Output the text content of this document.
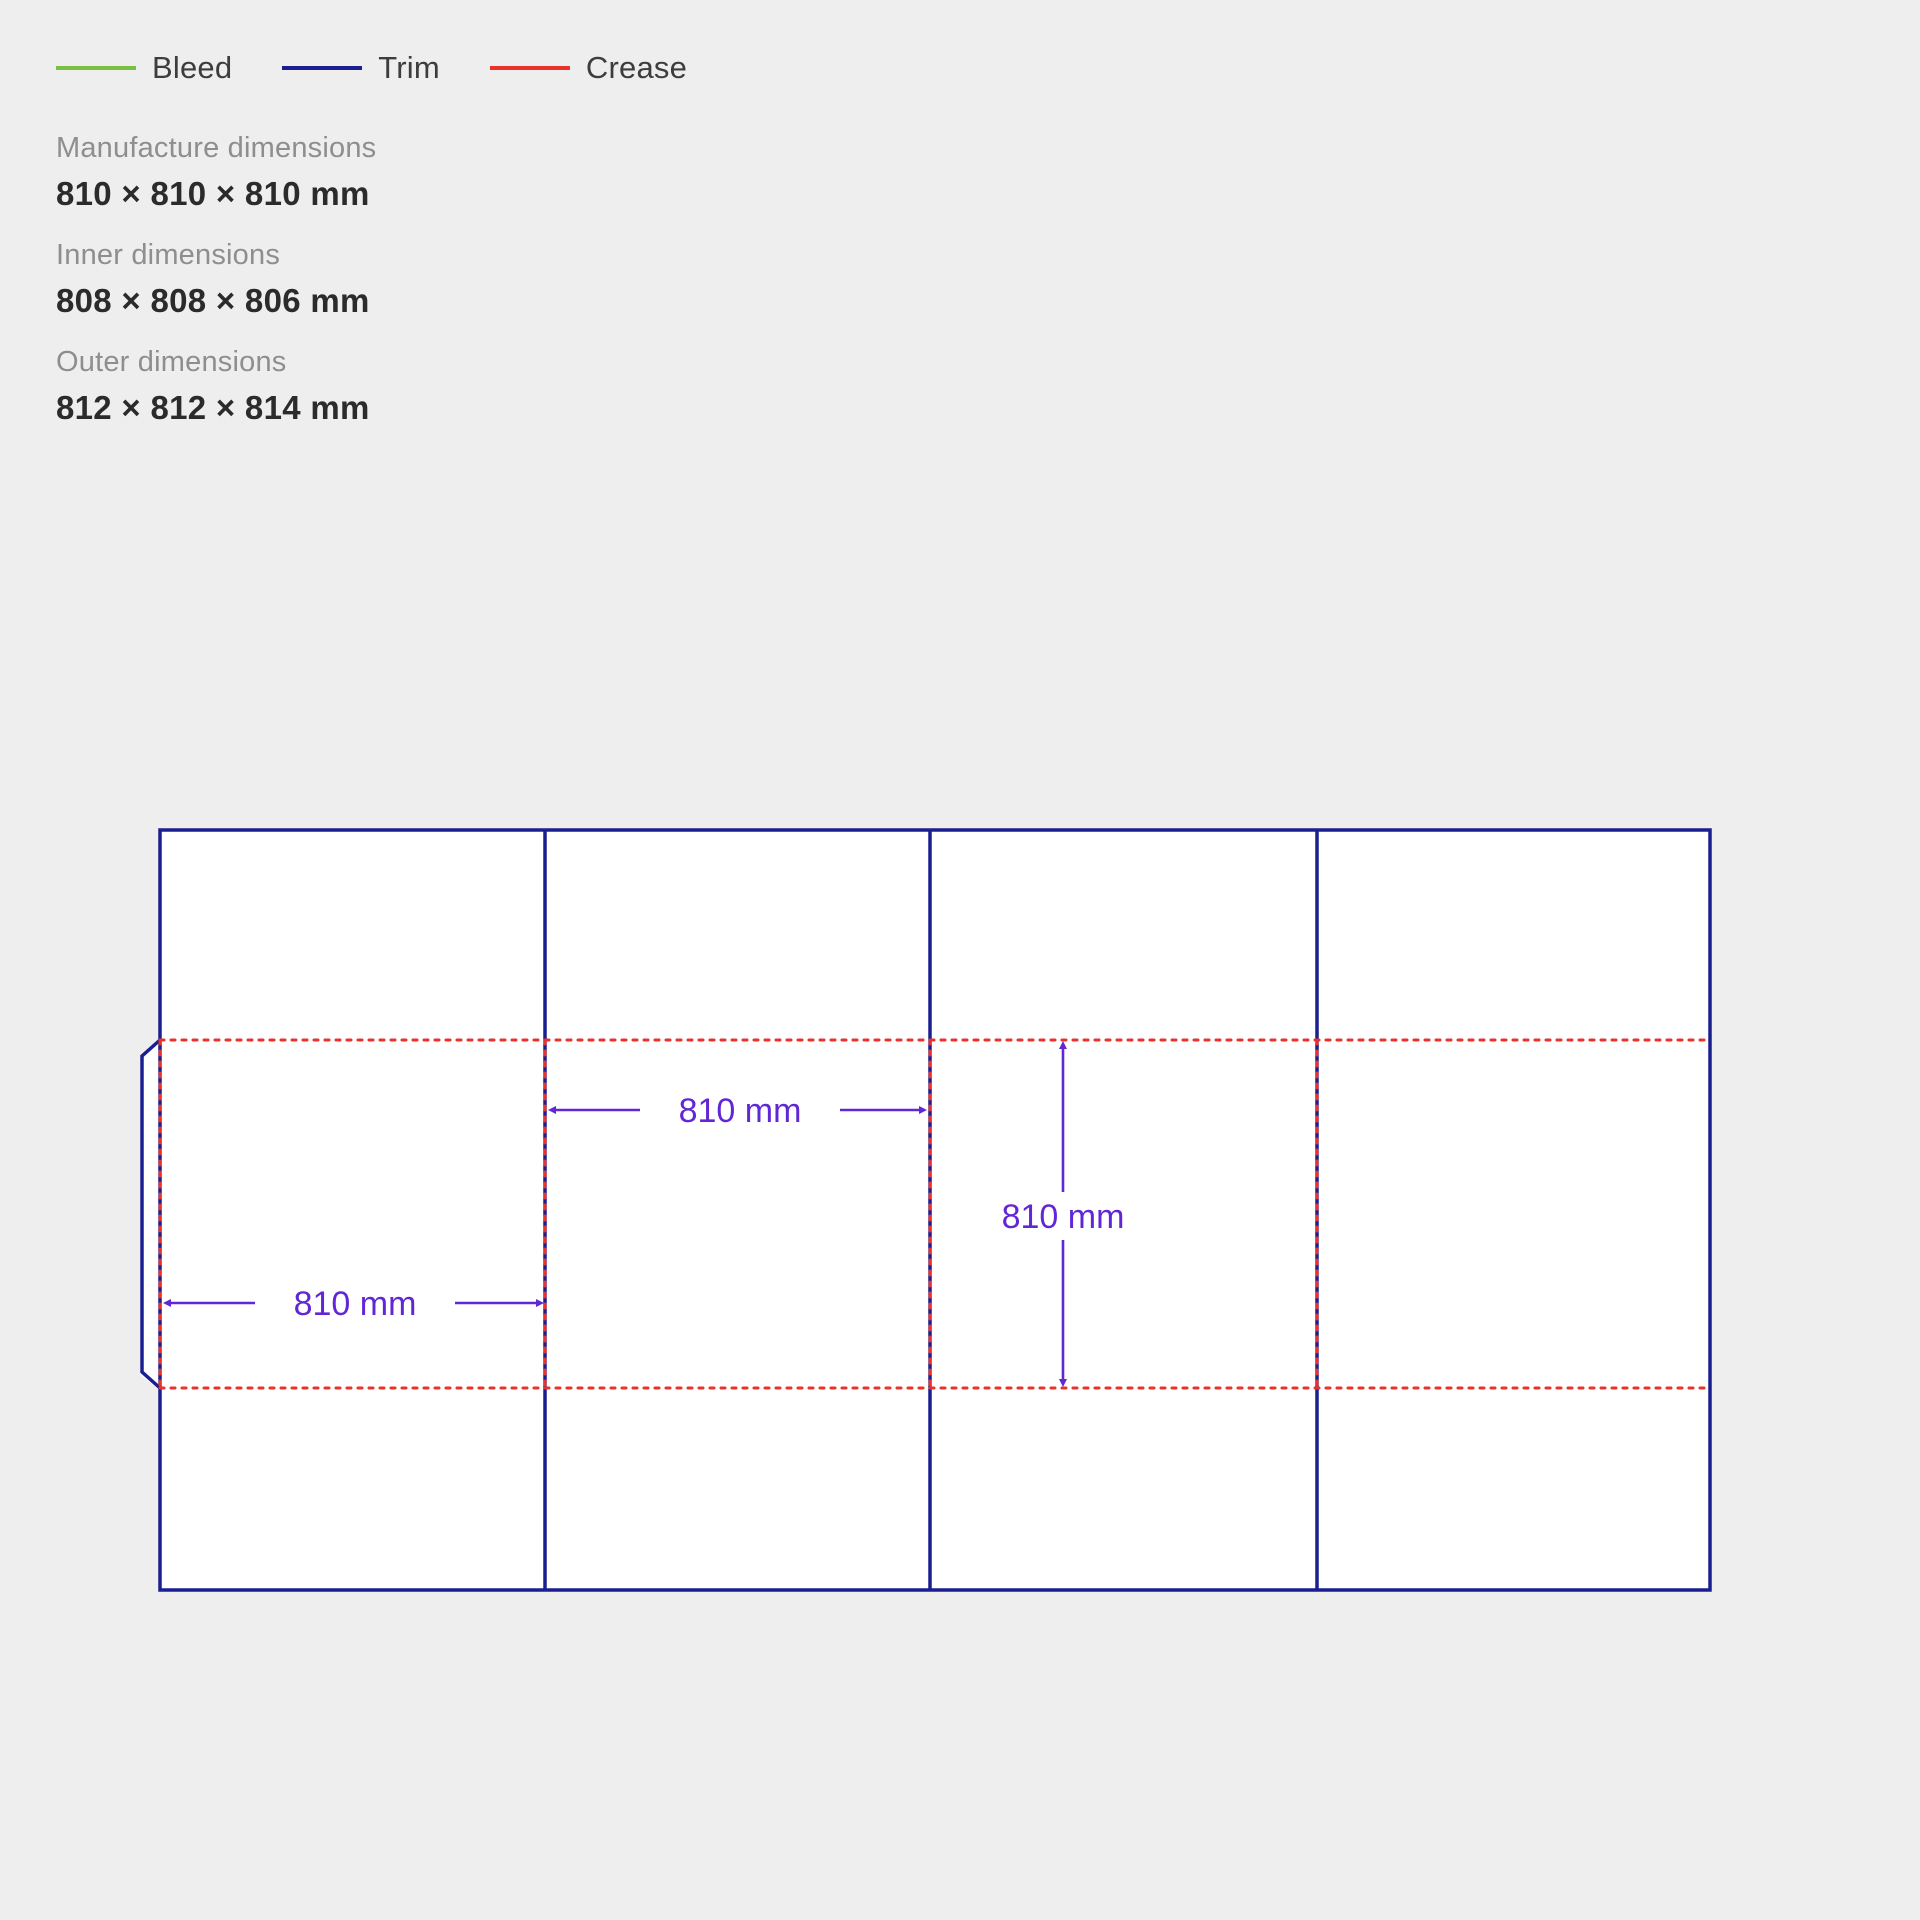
Bleed	Trim	Crease
Manufacture dimensions
810 × 810 × 810 mm
Inner dimensions
808 × 808 × 806 mm
Outer dimensions
812 × 812 × 814 mm
810 mm
810 mm
810 mm
